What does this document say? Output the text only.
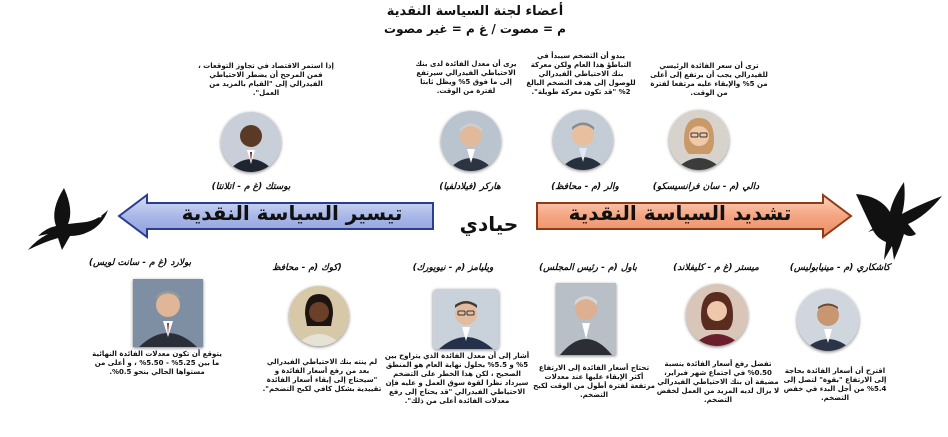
أعضاء لجنة السياسة النقدية
م = مصوت / غ م = غير مصوت
إذا استمر الاقتصاد في تجاوز التوقعات ، فمن المرجح أن يضطر الاحتياطي الفيدرالي إلى "القيام بالمزيد من العمل".
يرى أن معدل الفائدة لدى بنك الاحتياطي الفيدرالي سيرتفع إلى ما فوق 5% ويظل ثابتا لفترة من الوقت.
يبدو أن التضخم سيبدأ في التباطؤ هذا العام ولكن معركة بنك الاحتياطي الفيدرالي للوصول إلى هدف التضخم البالغ 2% "قد تكون معركة طويلة".
ترى أن سعر الفائدة الرئيسي للفيدرالي يجب أن يرتفع إلى أعلى من 5% والإبقاء عليه مرتفعا لفترة من الوقت.
بوستك (غ م - اتلانتا)	هاركر (فيلادلفيا)	والر (م - محافظ)	دالي (م - سان فرانسيسكو)
تيسير السياسة النقدية	حيادي	تشديد السياسة النقدية
بولارد (غ م - سانت لويس)	(كوك (م - محافظ	ويليامز (م - نيويورك)	باول (م - رئيس المجلس)	ميستر (غ م - كليفلاند)	كاشكاري (م - مينيابوليس)
يتوقع أن تكون معدلات الفائدة النهائية ما بين 5.25% - 5.50% ، و أعلى من مستواها الحالي بنحو 0.5%.
لم ينته بنك الاحتياطي الفيدرالي بعد من رفع أسعار الفائدة و "سيحتاج إلى إبقاء أسعار الفائدة تقييدية بشكل كافي لكبح التضخم".
أشار إلى أن معدل الفائدة الذي يتراوح بين 5% و 5.5% بحلول نهاية العام هو المنطق الصحيح ، لكن هذا الخطر على التضخم سيزداد نظرا لقوة سوق العمل و عليه فإن الاحتياطي الفيدرالي "قد يحتاج إلى رفع معدلات الفائدة أعلى من ذلك".
تحتاج أسعار الفائدة إلى الارتفاع أكثر الإبقاء عليها عند معدلات مرتفعة لفترة أطول من الوقت لكبح التضخم.
تفضل رفع أسعار الفائدة بنسبة 0.50% في اجتماع شهر فبراير، مضيفة أن بنك الاحتياطي الفيدرالي لا يزال لديه المزيد من العمل لخفض التضخم.
اقترح أن أسعار الفائدة بحاجة إلى الارتفاع "بقوة" لتصل إلى 5.4% من أجل البدء في خفض التضخم.
